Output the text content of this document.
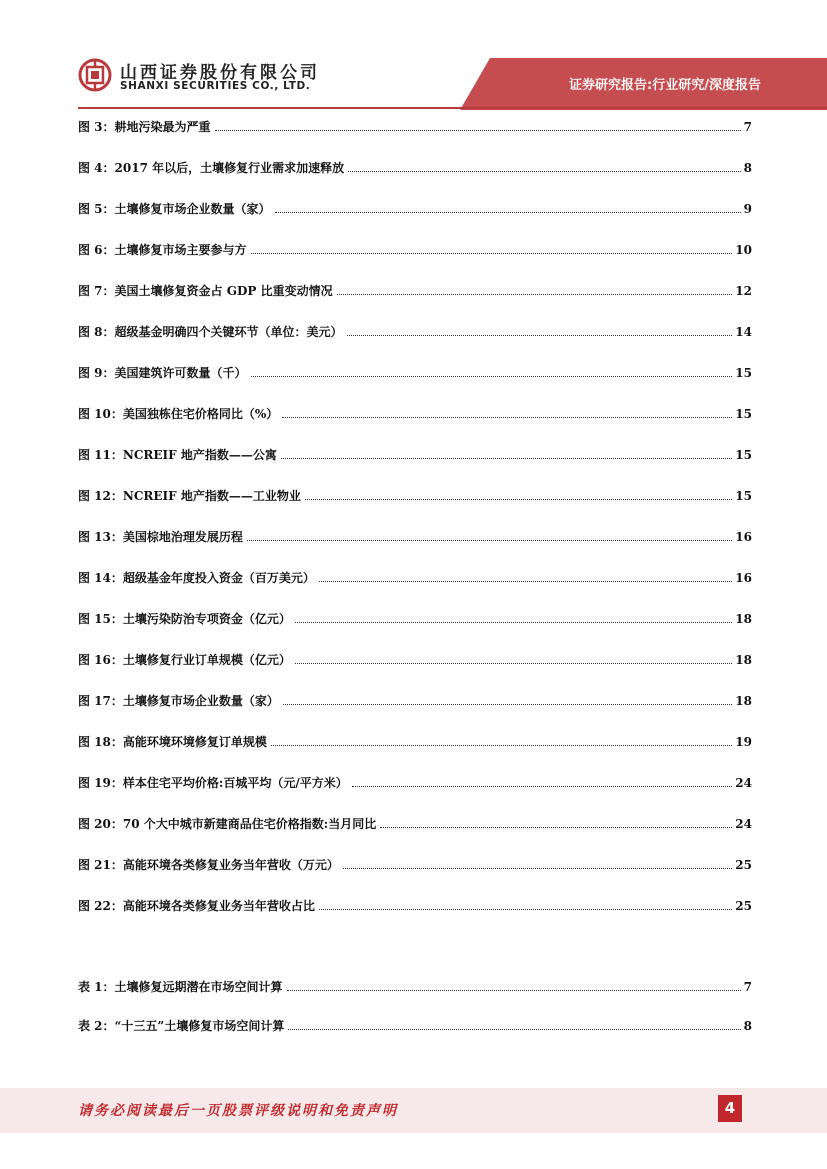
山西证券股份有限公司
SHANXI SECURITIES CO., LTD.	证券研究报告:行业研究/深度报告
图 3： 耕地污染最为严重	7
图 4： 2017 年以后，土壤修复行业需求加速释放	8
图 5： 土壤修复市场企业数量（家）	9
图 6： 土壤修复市场主要参与方	10
图 7： 美国土壤修复资金占 GDP 比重变动情况	12
图 8： 超级基金明确四个关键环节（单位：美元）	14
图 9： 美国建筑许可数量（千）	15
图 10： 美国独栋住宅价格同比（%）	15
图 11： NCREIF 地产指数——公寓	15
图 12： NCREIF 地产指数——工业物业	15
图 13： 美国棕地治理发展历程	16
图 14： 超级基金年度投入资金（百万美元）	16
图 15： 土壤污染防治专项资金（亿元）	18
图 16： 土壤修复行业订单规模（亿元）	18
图 17： 土壤修复市场企业数量（家）	18
图 18： 高能环境环境修复订单规模	19
图 19： 样本住宅平均价格:百城平均（元/平方米）	24
图 20： 70 个大中城市新建商品住宅价格指数:当月同比	24
图 21： 高能环境各类修复业务当年营收（万元）	25
图 22： 高能环境各类修复业务当年营收占比	25
表 1： 土壤修复远期潜在市场空间计算	7
表 2： “十三五”土壤修复市场空间计算	8
请务必阅读最后一页股票评级说明和免责声明	4
